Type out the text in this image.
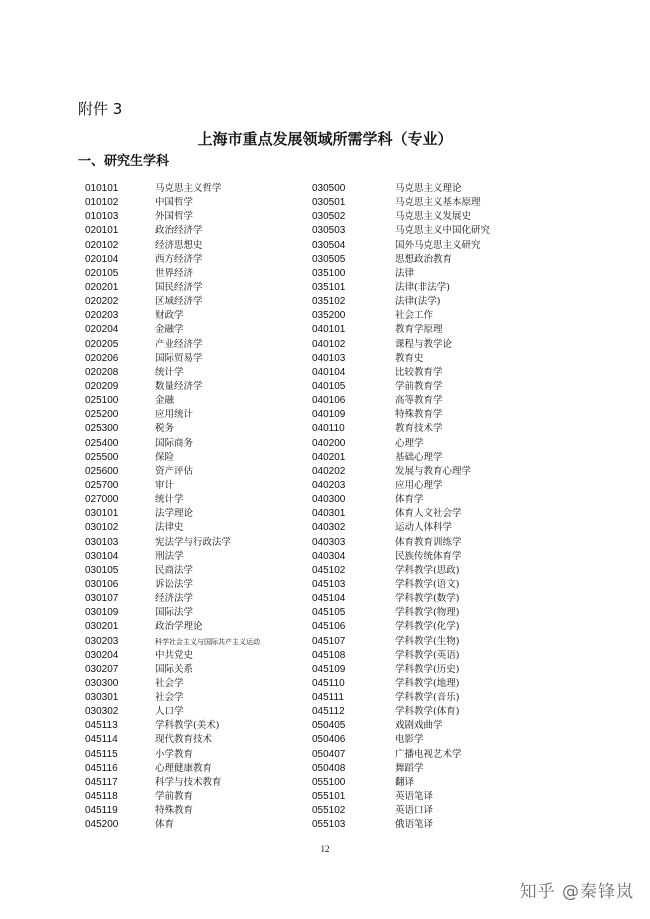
附件 3
上海市重点发展领域所需学科（专业）
一、研究生学科
010101	马克思主义哲学
010102	中国哲学
010103	外国哲学
020101	政治经济学
020102	经济思想史
020104	西方经济学
020105	世界经济
020201	国民经济学
020202	区域经济学
020203	财政学
020204	金融学
020205	产业经济学
020206	国际贸易学
020208	统计学
020209	数量经济学
025100	金融
025200	应用统计
025300	税务
025400	国际商务
025500	保险
025600	资产评估
025700	审计
027000	统计学
030101	法学理论
030102	法律史
030103	宪法学与行政法学
030104	刑法学
030105	民商法学
030106	诉讼法学
030107	经济法学
030109	国际法学
030201	政治学理论
030203	科学社会主义与国际共产主义运动
030204	中共党史
030207	国际关系
030300	社会学
030301	社会学
030302	人口学
045113	学科教学(美术)
045114	现代教育技术
045115	小学教育
045116	心理健康教育
045117	科学与技术教育
045118	学前教育
045119	特殊教育
045200	体育
030500	马克思主义理论
030501	马克思主义基本原理
030502	马克思主义发展史
030503	马克思主义中国化研究
030504	国外马克思主义研究
030505	思想政治教育
035100	法律
035101	法律(非法学)
035102	法律(法学)
035200	社会工作
040101	教育学原理
040102	课程与教学论
040103	教育史
040104	比较教育学
040105	学前教育学
040106	高等教育学
040109	特殊教育学
040110	教育技术学
040200	心理学
040201	基础心理学
040202	发展与教育心理学
040203	应用心理学
040300	体育学
040301	体育人文社会学
040302	运动人体科学
040303	体育教育训练学
040304	民族传统体育学
045102	学科教学(思政)
045103	学科教学(语文)
045104	学科教学(数学)
045105	学科教学(物理)
045106	学科教学(化学)
045107	学科教学(生物)
045108	学科教学(英语)
045109	学科教学(历史)
045110	学科教学(地理)
045111	学科教学(音乐)
045112	学科教学(体育)
050405	戏剧戏曲学
050406	电影学
050407	广播电视艺术学
050408	舞蹈学
055100	翻译
055101	英语笔译
055102	英语口译
055103	俄语笔译
12
知乎 @秦锋岚
